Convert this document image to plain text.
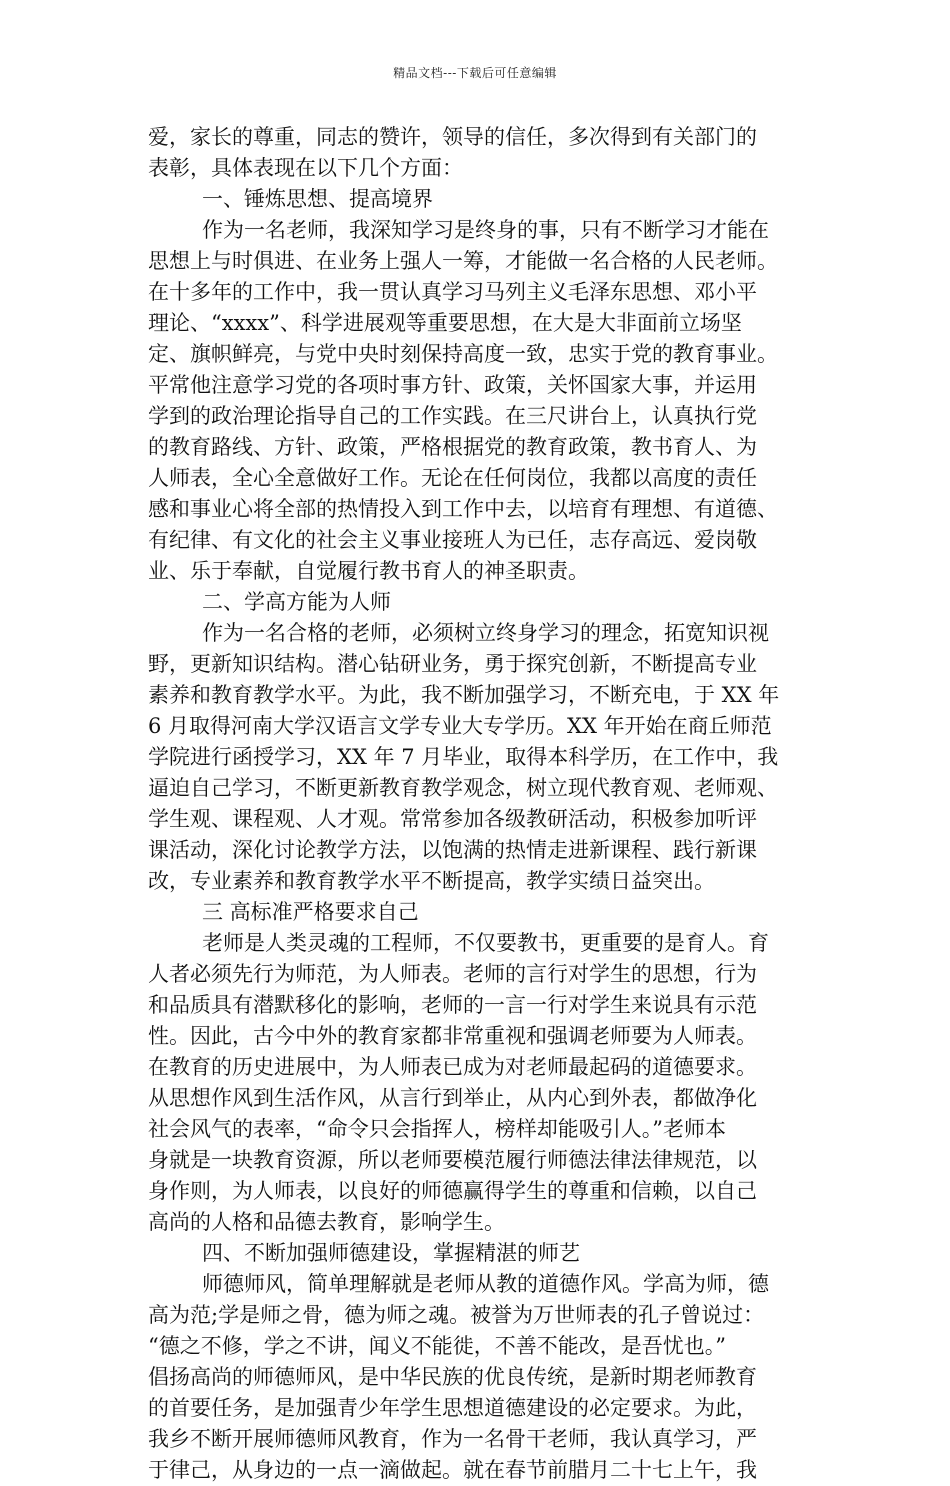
精品文档---下载后可任意编辑
爱，家长的尊重，同志的赞许，领导的信任，多次得到有关部门的
表彰，具体表现在以下几个方面：
一、锤炼思想、提高境界
作为一名老师，我深知学习是终身的事，只有不断学习才能在
思想上与时俱进、在业务上强人一筹，才能做一名合格的人民老师。
在十多年的工作中，我一贯认真学习马列主义毛泽东思想、邓小平
理论、“xxxx”、科学进展观等重要思想，在大是大非面前立场坚
定、旗帜鲜亮，与党中央时刻保持高度一致，忠实于党的教育事业。
平常他注意学习党的各项时事方针、政策，关怀国家大事，并运用
学到的政治理论指导自己的工作实践。在三尺讲台上，认真执行党
的教育路线、方针、政策，严格根据党的教育政策，教书育人、为
人师表，全心全意做好工作。无论在任何岗位，我都以高度的责任
感和事业心将全部的热情投入到工作中去，以培育有理想、有道德、
有纪律、有文化的社会主义事业接班人为已任，志存高远、爱岗敬
业、乐于奉献，自觉履行教书育人的神圣职责。
二、学高方能为人师
作为一名合格的老师，必须树立终身学习的理念，拓宽知识视
野，更新知识结构。潜心钻研业务，勇于探究创新，不断提高专业
素养和教育教学水平。为此，我不断加强学习，不断充电，于 XX 年
6 月取得河南大学汉语言文学专业大专学历。XX 年开始在商丘师范
学院进行函授学习，XX 年 7 月毕业，取得本科学历，在工作中，我
逼迫自己学习，不断更新教育教学观念，树立现代教育观、老师观、
学生观、课程观、人才观。常常参加各级教研活动，积极参加听评
课活动，深化讨论教学方法，以饱满的热情走进新课程、践行新课
改，专业素养和教育教学水平不断提高，教学实绩日益突出。
三 高标准严格要求自己
老师是人类灵魂的工程师，不仅要教书，更重要的是育人。育
人者必须先行为师范，为人师表。老师的言行对学生的思想，行为
和品质具有潜默移化的影响，老师的一言一行对学生来说具有示范
性。因此，古今中外的教育家都非常重视和强调老师要为人师表。
在教育的历史进展中，为人师表已成为对老师最起码的道德要求。
从思想作风到生活作风，从言行到举止，从内心到外表，都做净化
社会风气的表率，“命令只会指挥人，榜样却能吸引人。”老师本
身就是一块教育资源，所以老师要模范履行师德法律法律规范，以
身作则，为人师表，以良好的师德赢得学生的尊重和信赖，以自己
高尚的人格和品德去教育，影响学生。
四、不断加强师德建设，掌握精湛的师艺
师德师风，简单理解就是老师从教的道德作风。学高为师，德
高为范;学是师之骨，德为师之魂。被誉为万世师表的孔子曾说过：
“德之不修，学之不讲，闻义不能徙，不善不能改，是吾忧也。”
倡扬高尚的师德师风，是中华民族的优良传统，是新时期老师教育
的首要任务，是加强青少年学生思想道德建设的必定要求。为此，
我乡不断开展师德师风教育，作为一名骨干老师，我认真学习，严
于律己，从身边的一点一滴做起。就在春节前腊月二十七上午，我
